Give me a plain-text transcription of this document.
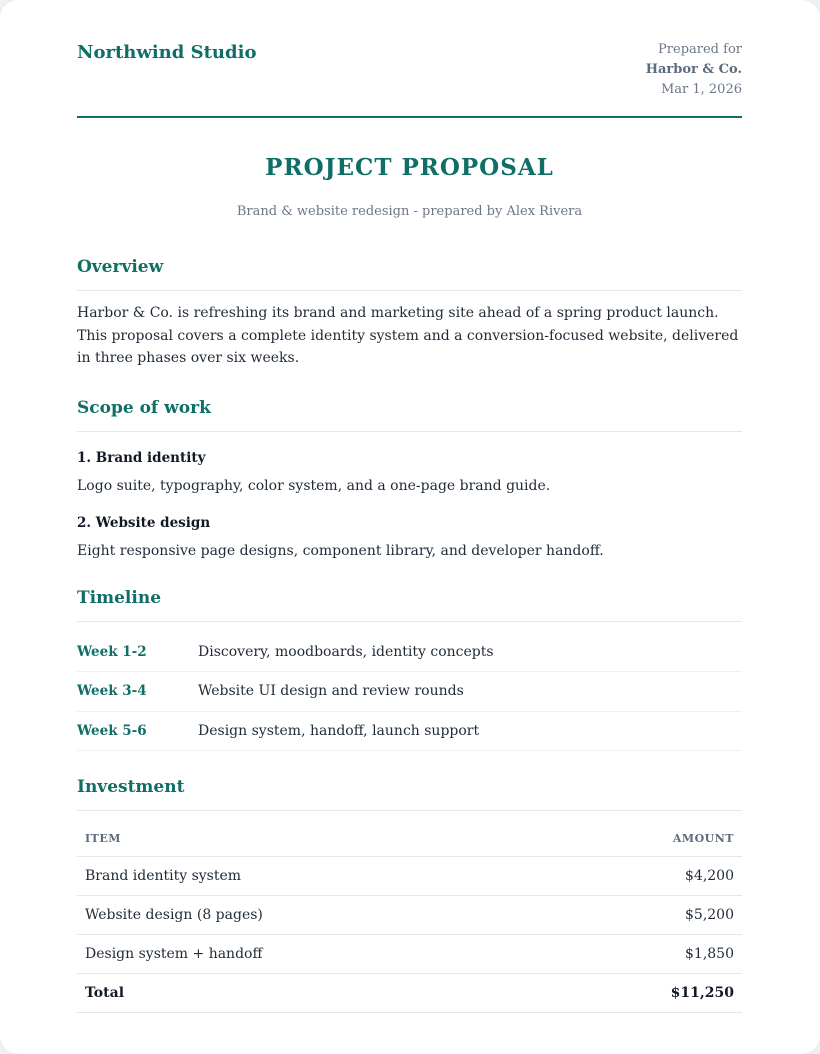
Northwind Studio	Prepared for
Harbor & Co.
Mar 1, 2026
PROJECT PROPOSAL
Brand & website redesign - prepared by Alex Rivera
Overview

Harbor & Co. is refreshing its brand and marketing site ahead of a spring product launch. This proposal covers a complete identity system and a conversion-focused website, delivered in three phases over six weeks.

Scope of work
1. Brand identity

Logo suite, typography, color system, and a one-page brand guide.

2. Website design

Eight responsive page designs, component library, and developer handoff.

Timeline
Week 1-2	Discovery, moodboards, identity concepts
Week 3-4	Website UI design and review rounds
Week 5-6	Design system, handoff, launch support
Investment
ITEM	AMOUNT
Brand identity system	$4,200
Website design (8 pages)	$5,200
Design system + handoff	$1,850
Total	$11,250
